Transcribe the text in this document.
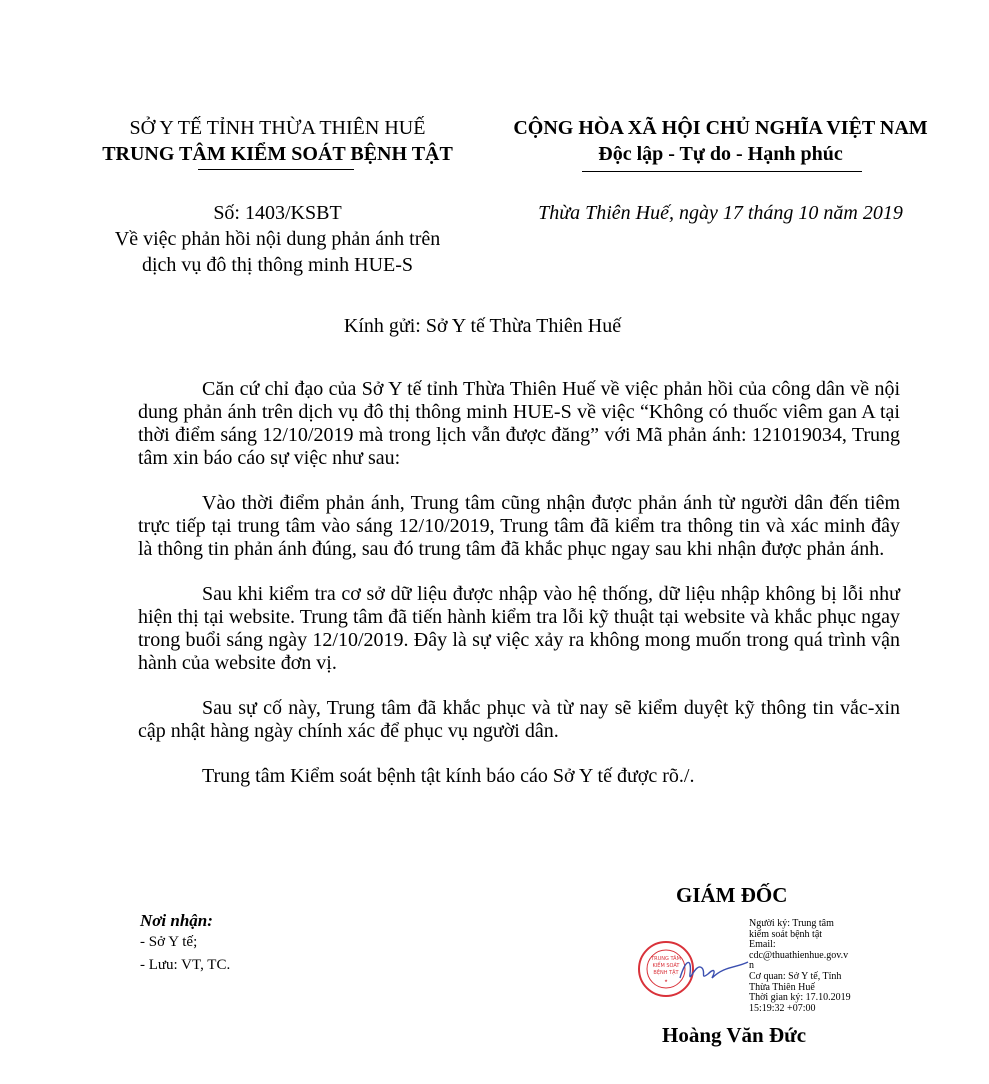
SỞ Y TẾ TỈNH THỪA THIÊN HUẾ
TRUNG TÂM KIỂM SOÁT BỆNH TẬT
CỘNG HÒA XÃ HỘI CHỦ NGHĨA VIỆT NAM
Độc lập - Tự do - Hạnh phúc
Số: 1403/KSBT
Về việc phản hồi nội dung phản ánh trên
dịch vụ đô thị thông minh HUE-S
Thừa Thiên Huế, ngày 17 tháng 10 năm 2019
Kính gửi: Sở Y tế Thừa Thiên Huế

Căn cứ chỉ đạo của Sở Y tế tỉnh Thừa Thiên Huế về việc phản hồi của công dân về nội dung phản ánh trên dịch vụ đô thị thông minh HUE-S về việc “Không có thuốc viêm gan A tại thời điểm sáng 12/10/2019 mà trong lịch vẫn được đăng” với Mã phản ánh: 121019034, Trung tâm xin báo cáo sự việc như sau:

Vào thời điểm phản ánh, Trung tâm cũng nhận được phản ánh từ người dân đến tiêm trực tiếp tại trung tâm vào sáng 12/10/2019, Trung tâm đã kiểm tra thông tin và xác minh đây là thông tin phản ánh đúng, sau đó trung tâm đã khắc phục ngay sau khi nhận được phản ánh.

Sau khi kiểm tra cơ sở dữ liệu được nhập vào hệ thống, dữ liệu nhập không bị lỗi như hiện thị tại website. Trung tâm đã tiến hành kiểm tra lỗi kỹ thuật tại website và khắc phục ngay trong buổi sáng ngày 12/10/2019. Đây là sự việc xảy ra không mong muốn trong quá trình vận hành của website đơn vị.

Sau sự cố này, Trung tâm đã khắc phục và từ nay sẽ kiểm duyệt kỹ thông tin vắc-xin cập nhật hàng ngày chính xác để phục vụ người dân.

Trung tâm Kiểm soát bệnh tật kính báo cáo Sở Y tế được rõ./.

GIÁM ĐỐC
Nơi nhận:
- Sở Y tế;
- Lưu: VT, TC.	TRUNG TÂM
KIỂM SOÁT
BỆNH TẬT
★
Người ký: Trung tâm
kiểm soát bệnh tật
Email:
cdc@thuathienhue.gov.v
n
Cơ quan: Sở Y tế, Tỉnh
Thừa Thiên Huế
Thời gian ký: 17.10.2019
15:19:32 +07:00
Hoàng Văn Đức
